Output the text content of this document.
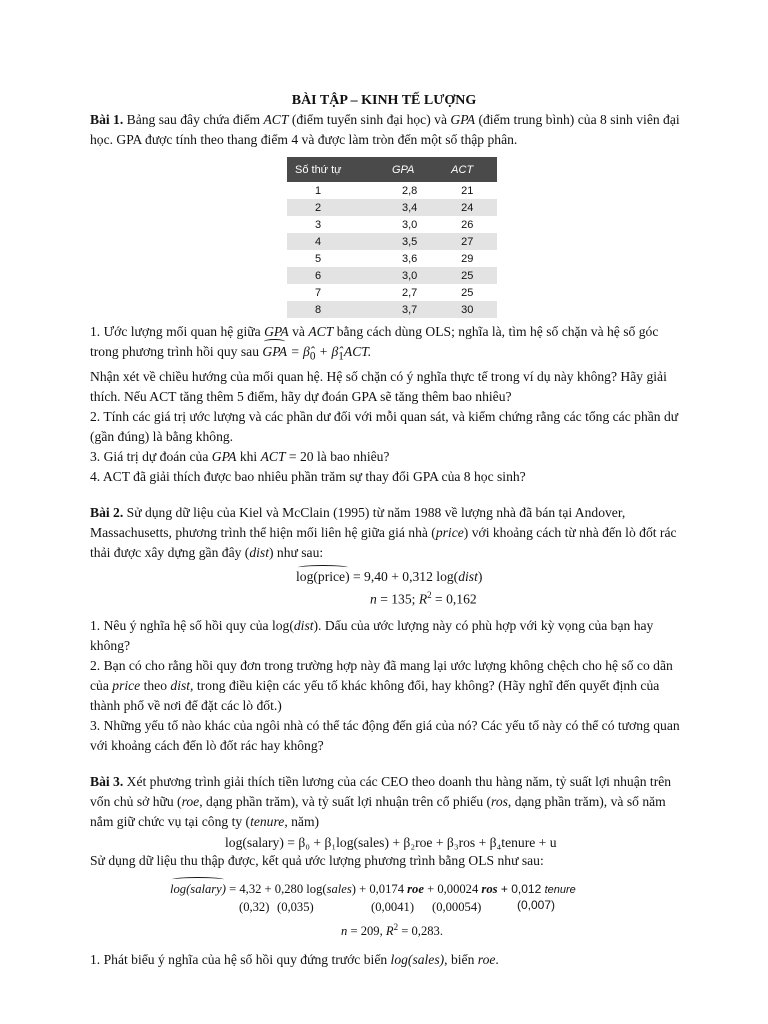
BÀI TẬP – KINH TẾ LƯỢNG
Bài 1. Bảng sau đây chứa điểm ACT (điểm tuyển sinh đại học) và GPA (điểm trung bình) của 8 sinh viên đại học. GPA được tính theo thang điểm 4 và được làm tròn đến một số thập phân.
Số thứ tự	GPA	ACT
1	2,8	21
2	3,4	24
3	3,0	26
4	3,5	27
5	3,6	29
6	3,0	25
7	2,7	25
8	3,7	30
1. Ước lượng mối quan hệ giữa GPA và ACT bằng cách dùng OLS; nghĩa là, tìm hệ số chặn và hệ số góc trong phương trình hồi quy sau GPA = $\betâ_0$ + $\betâ_1ACT$.
Nhận xét về chiều hướng của mối quan hệ. Hệ số chặn có ý nghĩa thực tế trong ví dụ này không? Hãy giải thích. Nếu ACT tăng thêm 5 điểm, hãy dự đoán GPA sẽ tăng thêm bao nhiêu?
2. Tính các giá trị ước lượng và các phần dư đối với mỗi quan sát, và kiểm chứng rằng các tổng các phần dư (gần đúng) là bằng không.
3. Giá trị dự đoán của GPA khi ACT = 20 là bao nhiêu?
4. ACT đã giải thích được bao nhiêu phần trăm sự thay đổi GPA của 8 học sinh?
Bài 2. Sử dụng dữ liệu của Kiel và McClain (1995) từ năm 1988 về lượng nhà đã bán tại Andover, Massachusetts, phương trình thể hiện mối liên hệ giữa giá nhà (price) với khoảng cách từ nhà đến lò đốt rác thải được xây dựng gần đây (dist) như sau:
log(price) = 9,40 + 0,312 log(dist)
n = 135; $R^2 = 0,162$
1. Nêu ý nghĩa hệ số hồi quy của log(dist). Dấu của ước lượng này có phù hợp với kỳ vọng của bạn hay không?
2. Bạn có cho rằng hồi quy đơn trong trường hợp này đã mang lại ước lượng không chệch cho hệ số co dãn của price theo dist, trong điều kiện các yếu tố khác không đổi, hay không? (Hãy nghĩ đến quyết định của thành phố về nơi để đặt các lò đốt.)
3. Những yếu tố nào khác của ngôi nhà có thể tác động đến giá của nó? Các yếu tố này có thể có tương quan với khoảng cách đến lò đốt rác hay không?
Bài 3. Xét phương trình giải thích tiền lương của các CEO theo doanh thu hàng năm, tỷ suất lợi nhuận trên vốn chủ sở hữu (roe, dạng phần trăm), và tỷ suất lợi nhuận trên cổ phiếu (ros, dạng phần trăm), và số năm nắm giữ chức vụ tại công ty (tenure, năm)
log(salary) = β₀ + β₁log(sales) + β₂roe + β₃ros + β₄tenure + u
Sử dụng dữ liệu thu thập được, kết quả ước lượng phương trình bằng OLS như sau:
log(salary) = 4,32 + 0,280 log(sales) + 0,0174 roe + 0,00024 ros + 0,012 tenure
(0,32) (0,035)	(0,0041) (0,00054)	(0,007)
n = 209, $R^2 = 0,283$.
1. Phát biểu ý nghĩa của hệ số hồi quy đứng trước biến log(sales), biến roe.
